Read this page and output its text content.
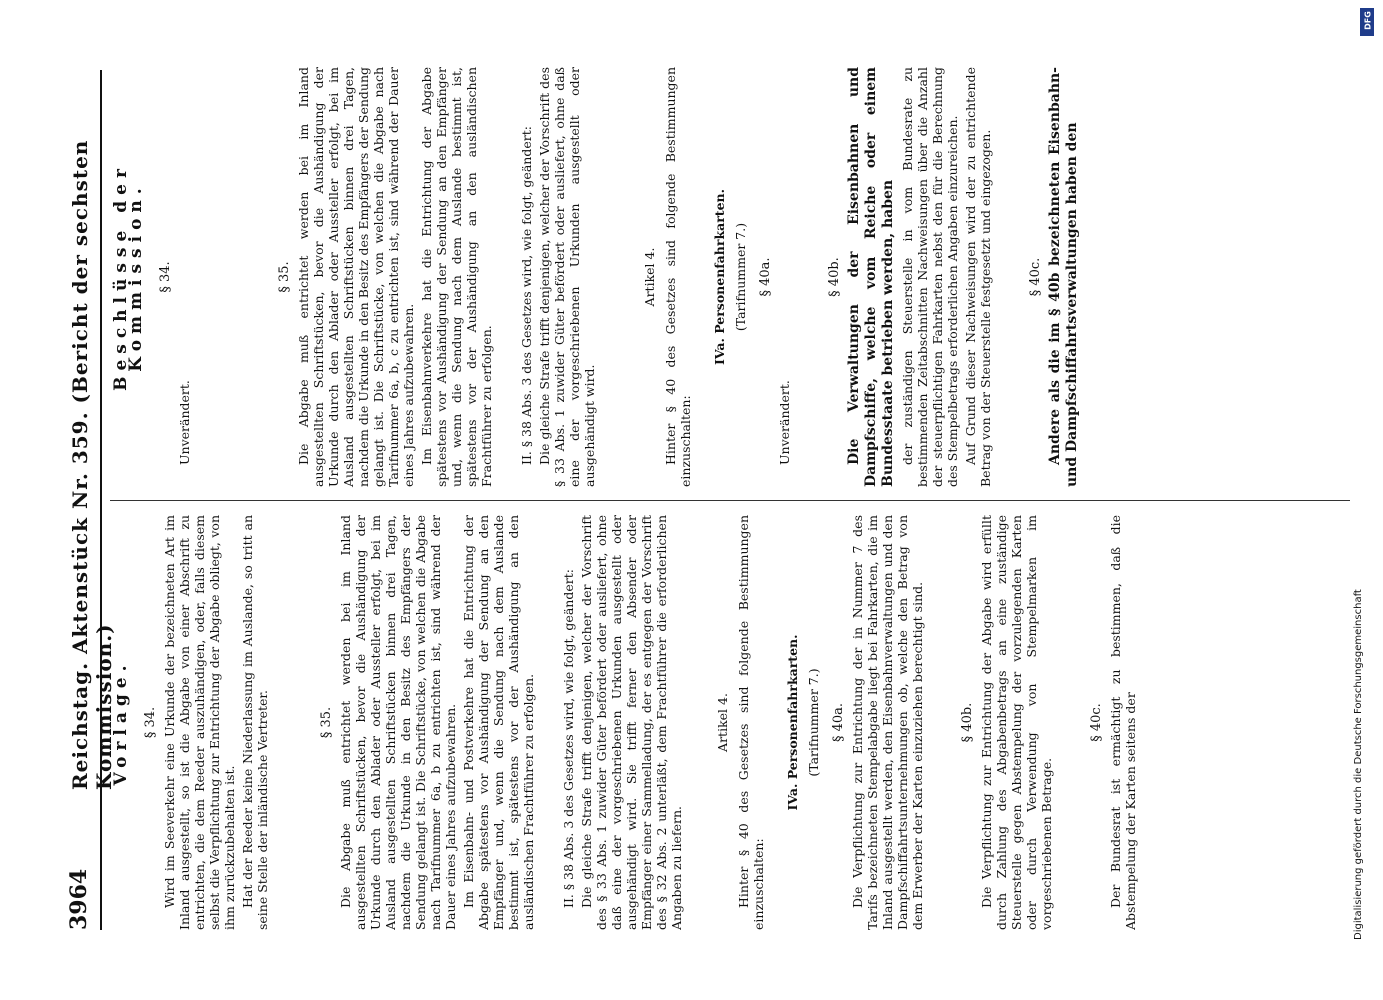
3964
Reichstag. Aktenstück Nr. 359. (Bericht der sechsten Kommission.)
Vorlage. § 34. Wird im Seeverkehr eine Urkunde der bezeichneten Art im Inland ausgestellt, so ist die Abgabe von einer Abschrift zu entrichten, die dem Reeder auszuhändigen, oder, falls diesem selbst die Verpflichtung zur Entrichtung der Abgabe obliegt, von ihm zurückzubehalten ist. Hat der Reeder keine Niederlassung im Auslande, so tritt an seine Stelle der inländische Vertreter.	§ 35. Die Abgabe muß entrichtet werden bei im Inland ausgestellten Schriftstücken, bevor die Aushändigung der Urkunde durch den Ablader oder Aussteller erfolgt, bei im Ausland ausgestellten Schriftstücken binnen drei Tagen, nachdem die Urkunde in den Besitz des Empfängers der Sendung gelangt ist. Die Schriftstücke, von welchen die Abgabe nach Tarifnummer 6a, b zu entrichten ist, sind während der Dauer eines Jahres aufzubewahren. Im Eisenbahn- und Postverkehre hat die Entrichtung der Abgabe spätestens vor Aushändigung der Sendung an den Empfänger und, wenn die Sendung nach dem Auslande bestimmt ist, spätestens vor der Aushändigung an den ausländischen Frachtführer zu erfolgen. II. § 38 Abs. 3 des Gesetzes wird, wie folgt, geändert: Die gleiche Strafe trifft denjenigen, welcher der Vorschrift des § 33 Abs. 1 zuwider Güter befördert oder ausliefert, ohne daß eine der vorgeschriebenen Urkunden ausgestellt oder ausgehändigt wird. Sie trifft ferner den Absender oder Empfänger einer Sammelladung, der es entgegen der Vorschrift des § 32 Abs. 2 unterläßt, dem Frachtführer die erforderlichen Angaben zu liefern.

Artikel 4. Hinter § 40 des Gesetzes sind folgende Bestimmungen einzuschalten:

IVa. Personenfahrkarten. (Tarifnummer 7.) § 40a. Die Verpflichtung zur Entrichtung der in Nummer 7 des Tarifs bezeichneten Stempelabgabe liegt bei Fahrkarten, die im Inland ausgestellt werden, den Eisenbahnverwaltungen und den Dampfschiffahrtsunternehmungen ob, welche den Betrag von dem Erwerber der Karten einzuziehen berechtigt sind.	§ 40b. Die Verpflichtung zur Entrichtung der Abgabe wird erfüllt durch Zahlung des Abgabenbetrags an eine zuständige Steuerstelle gegen Abstempelung der vorzulegenden Karten oder durch Verwendung von Stempelmarken im vorgeschriebenen Betrage.

§ 40c. Der Bundesrat ist ermächtigt zu bestimmen, daß die Abstempelung der Karten seitens der

Beschlüsse der Kommission. § 34.

Unverändert.

§ 35. Die Abgabe muß entrichtet werden bei im Inland ausgestellten Schriftstücken, bevor die Aushändigung der Urkunde durch den Ablader oder Aussteller erfolgt, bei im Ausland ausgestellten Schriftstücken binnen drei Tagen, nachdem die Urkunde in den Besitz des Empfängers der Sendung gelangt ist. Die Schriftstücke, von welchen die Abgabe nach Tarifnummer 6a, b, c zu entrichten ist, sind während der Dauer eines Jahres aufzubewahren. Im Eisenbahnverkehre hat die Entrichtung der Abgabe spätestens vor Aushändigung der Sendung an den Empfänger und, wenn die Sendung nach dem Auslande bestimmt ist, spätestens vor der Aushändigung an den ausländischen Frachtführer zu erfolgen. II. § 38 Abs. 3 des Gesetzes wird, wie folgt, geändert: Die gleiche Strafe trifft denjenigen, welcher der Vorschrift des § 33 Abs. 1 zuwider Güter befördert oder ausliefert, ohne daß eine der vorgeschriebenen Urkunden ausgestellt oder ausgehändigt wird.

Artikel 4. Hinter § 40 des Gesetzes sind folgende Bestimmungen einzuschalten:

IVa. Personenfahrkarten. (Tarifnummer 7.) § 40a.

Unverändert.

§ 40b. Die Verwaltungen der Eisenbahnen und Dampfschiffe, welche vom Reiche oder einem Bundesstaate betrieben werden, haben der zuständigen Steuerstelle in vom Bundesrate zu bestimmenden Zeitabschnitten Nachweisungen über die Anzahl der steuerpflichtigen Fahrkarten nebst den für die Berechnung des Stempelbetrags erforderlichen Angaben einzureichen. Auf Grund dieser Nachweisungen wird der zu entrichtende Betrag von der Steuerstelle festgesetzt und eingezogen.	§ 40c. Andere als die im § 40b bezeichneten Eisenbahn- und Dampfschiffahrtsverwaltungen haben den

DFG
Digitalisierung gefördert durch die Deutsche Forschungsgemeinschaft
